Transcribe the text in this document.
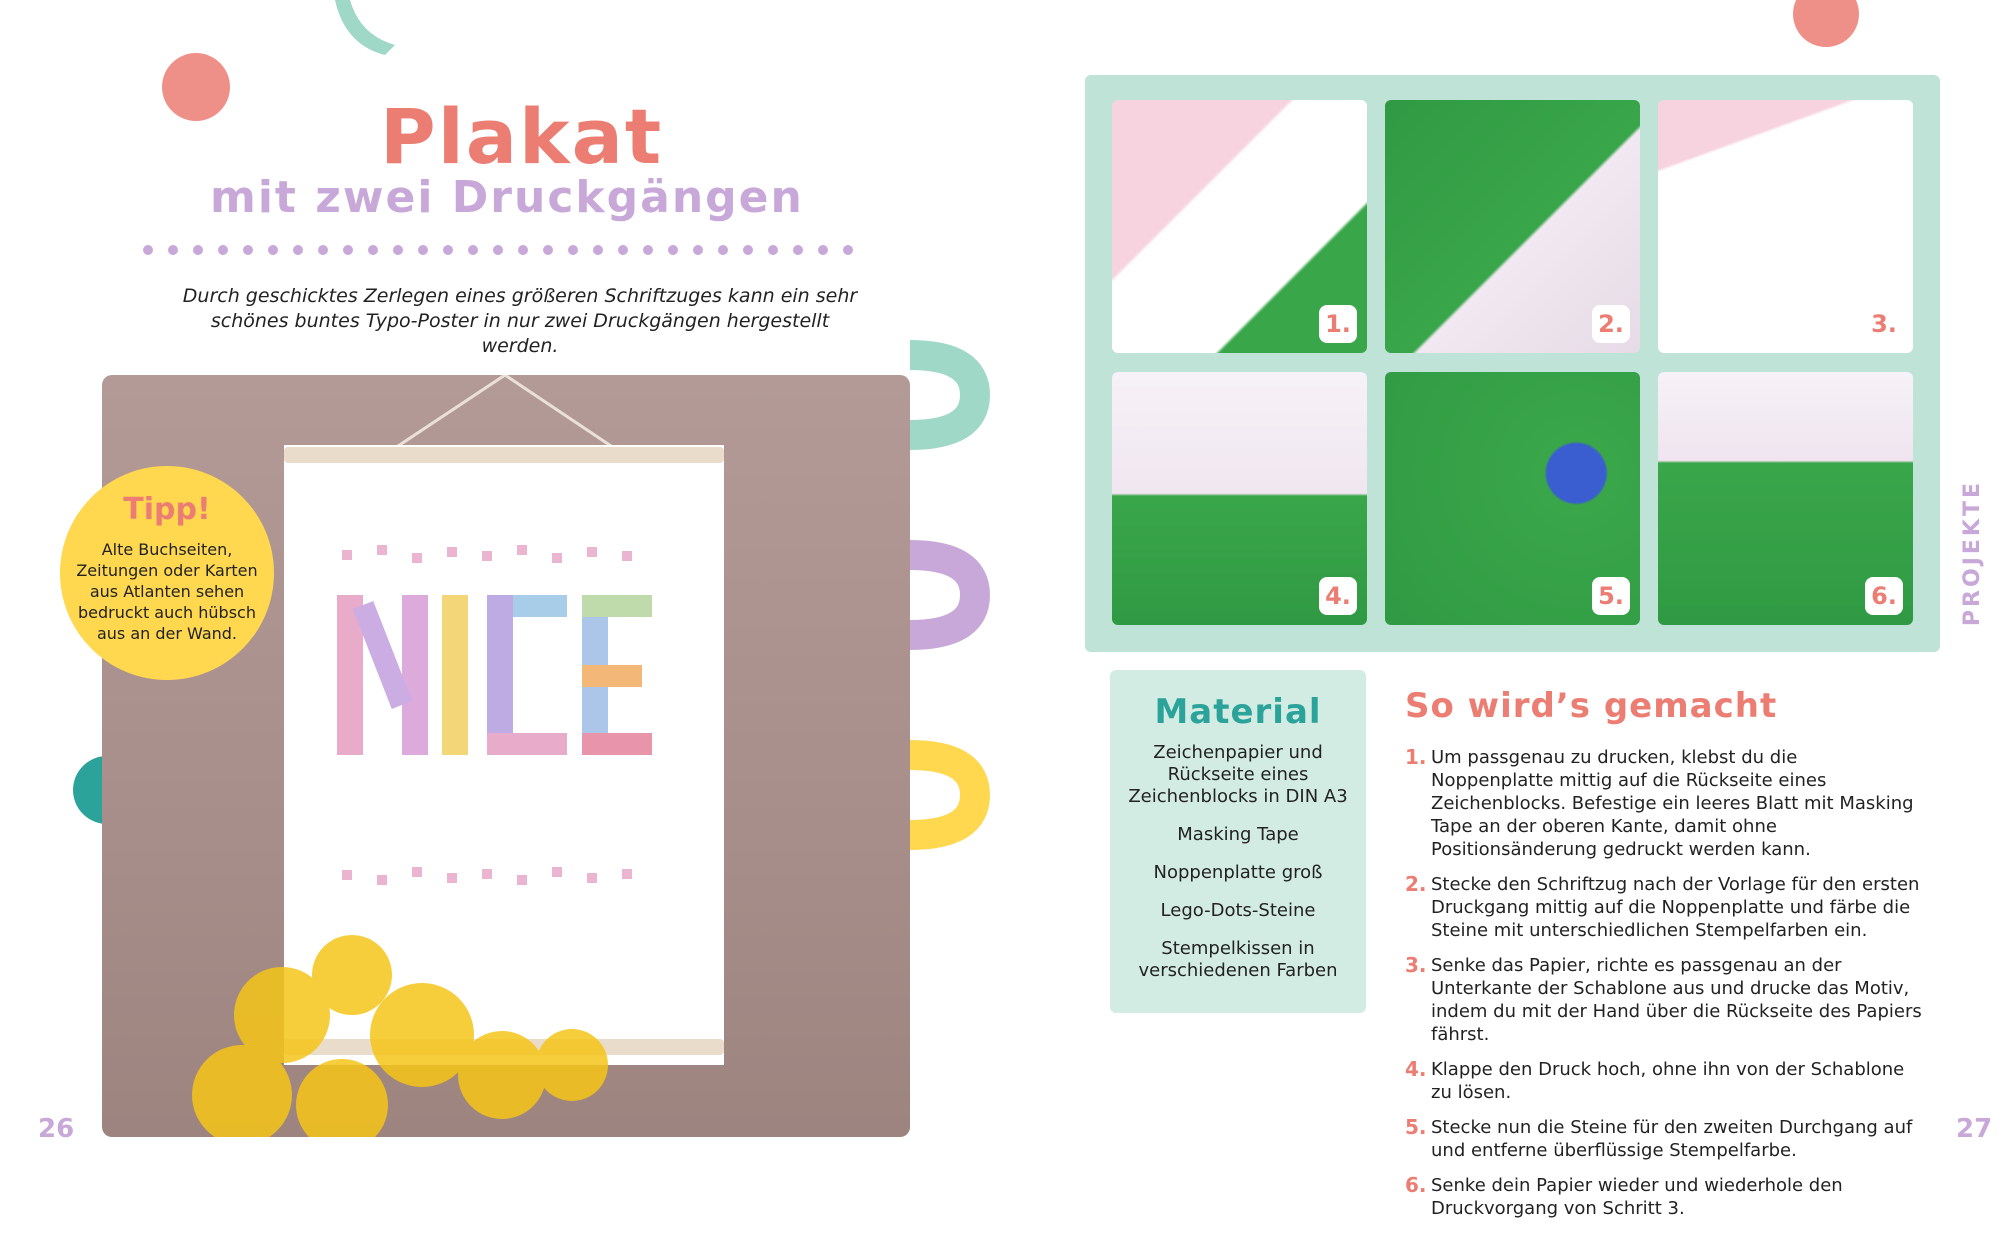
Plakat
mit zwei Druckgängen
Durch geschicktes Zerlegen eines größeren Schriftzuges kann ein sehr schönes buntes Typo-Poster in nur zwei Druckgängen hergestellt werden.
Tipp!
Alte Buchseiten, Zeitungen oder Karten aus Atlanten sehen bedruckt auch hübsch aus an der Wand.
26	27
PROJEKTE
1.	2.	3.
4.	5.	6.
Material
Zeichenpapier und Rückseite eines Zeichenblocks in DIN A3
Masking Tape
Noppenplatte groß
Lego-Dots-Steine
Stempelkissen in verschiedenen Farben
So wird’s gemacht
1. Um passgenau zu drucken, klebst du die Noppenplatte mittig auf die Rückseite eines Zeichenblocks. Befestige ein leeres Blatt mit Masking Tape an der oberen Kante, damit ohne Positionsänderung gedruckt werden kann.
2. Stecke den Schriftzug nach der Vorlage für den ersten Druckgang mittig auf die Noppenplatte und färbe die Steine mit unterschiedlichen Stempelfarben ein.
3. Senke das Papier, richte es passgenau an der Unterkante der Schablone aus und drucke das Motiv, indem du mit der Hand über die Rückseite des Papiers fährst.
4. Klappe den Druck hoch, ohne ihn von der Schablone zu lösen.
5. Stecke nun die Steine für den zweiten Durchgang auf und entferne überflüssige Stempelfarbe.
6. Senke dein Papier wieder und wiederhole den Druckvorgang von Schritt 3.
